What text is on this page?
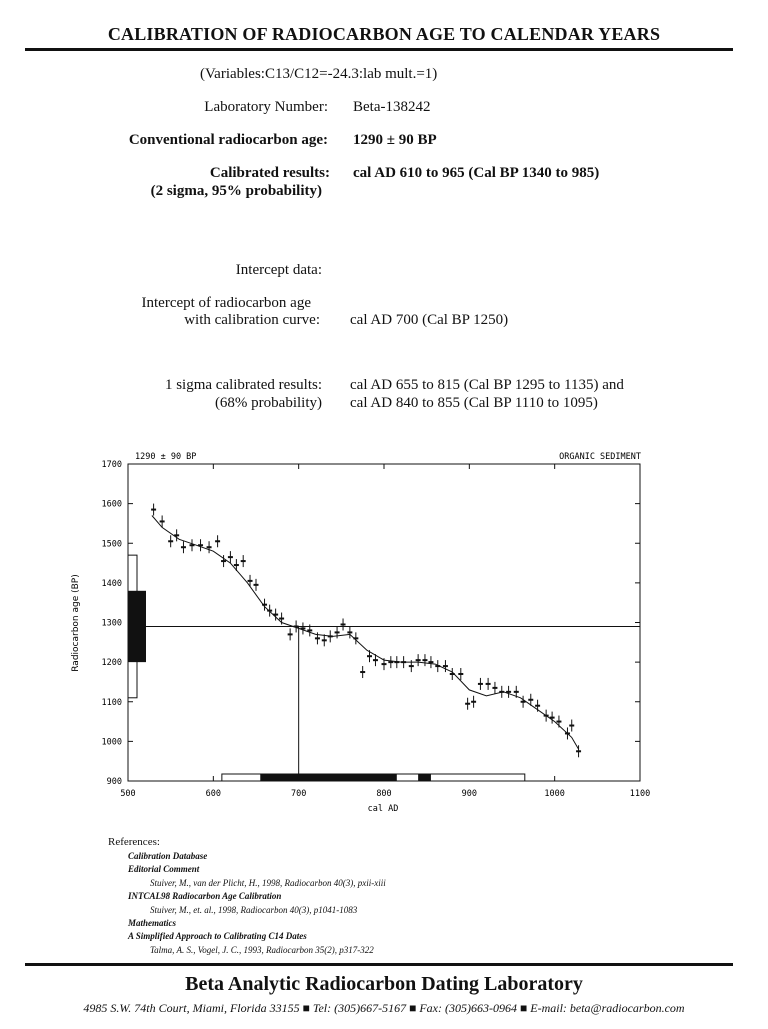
CALIBRATION OF RADIOCARBON AGE TO CALENDAR YEARS
(Variables:C13/C12=-24.3:lab mult.=1)
Laboratory Number: Beta-138242
Conventional radiocarbon age: 1290 ± 90 BP
Calibrated results:
(2 sigma, 95% probability)
cal AD 610 to 965 (Cal BP 1340 to 985)
Intercept data:
Intercept of radiocarbon age
with calibration curve: cal AD 700 (Cal BP 1250)
1 sigma calibrated results:
(68% probability)
cal AD 655 to 815 (Cal BP 1295 to 1135) and
cal AD 840 to 855 (Cal BP 1110 to 1095)
1290 ± 90 BP	ORGANIC SEDIMENT
900
1000
1100
1200
1300
1400
1500
1600
1700
500	600	700	800	900	1000	1100
cal AD
Radiocarbon age (BP)
References:
Calibration Database
Editorial Comment
Stuiver, M., van der Plicht, H., 1998, Radiocarbon 40(3), pxii-xiii
INTCAL98 Radiocarbon Age Calibration
Stuiver, M., et. al., 1998, Radiocarbon 40(3), p1041-1083
Mathematics
A Simplified Approach to Calibrating C14 Dates
Talma, A. S., Vogel, J. C., 1993, Radiocarbon 35(2), p317-322
Beta Analytic Radiocarbon Dating Laboratory
4985 S.W. 74th Court, Miami, Florida 33155 ■ Tel: (305)667-5167 ■ Fax: (305)663-0964 ■ E-mail: beta@radiocarbon.com
